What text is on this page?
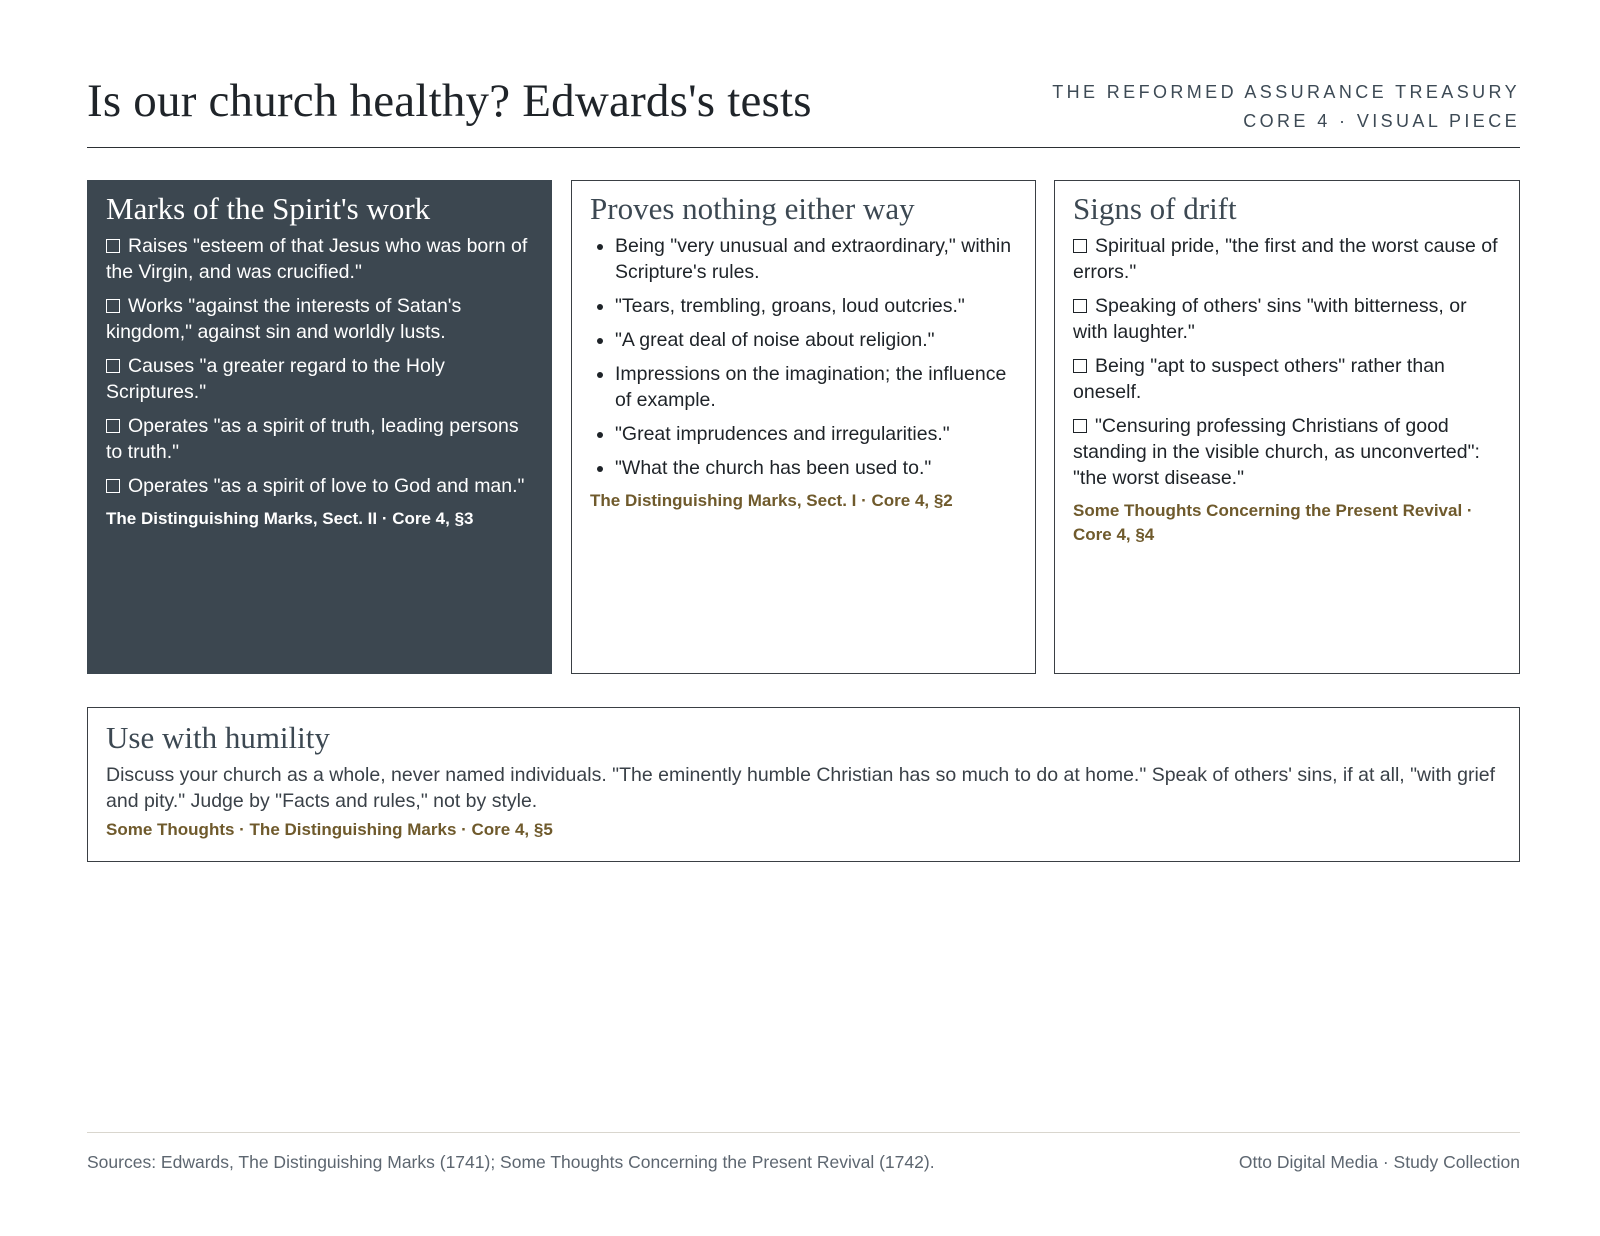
Is our church healthy? Edwards's tests	THE REFORMED ASSURANCE TREASURY
CORE 4 · VISUAL PIECE
Marks of the Spirit's work
Raises "esteem of that Jesus who was born of the Virgin, and was crucified."
Works "against the interests of Satan's kingdom," against sin and worldly lusts.
Causes "a greater regard to the Holy Scriptures."
Operates "as a spirit of truth, leading persons to truth."
Operates "as a spirit of love to God and man."
The Distinguishing Marks, Sect. II · Core 4, §3
Proves nothing either way
• Being "very unusual and extraordinary," within Scripture's rules.
• "Tears, trembling, groans, loud outcries."
• "A great deal of noise about religion."
• Impressions on the imagination; the influence of example.
• "Great imprudences and irregularities."
• "What the church has been used to."
The Distinguishing Marks, Sect. I · Core 4, §2
Signs of drift
Spiritual pride, "the first and the worst cause of errors."
Speaking of others' sins "with bitterness, or with laughter."
Being "apt to suspect others" rather than oneself.
"Censuring professing Christians of good standing in the visible church, as unconverted": "the worst disease."
Some Thoughts Concerning the Present Revival · Core 4, §4
Use with humility

Discuss your church as a whole, never named individuals. "The eminently humble Christian has so much to do at home." Speak of others' sins, if at all, "with grief and pity." Judge by "Facts and rules," not by style.

Some Thoughts · The Distinguishing Marks · Core 4, §5
Sources: Edwards, The Distinguishing Marks (1741); Some Thoughts Concerning the Present Revival (1742).	Otto Digital Media · Study Collection
